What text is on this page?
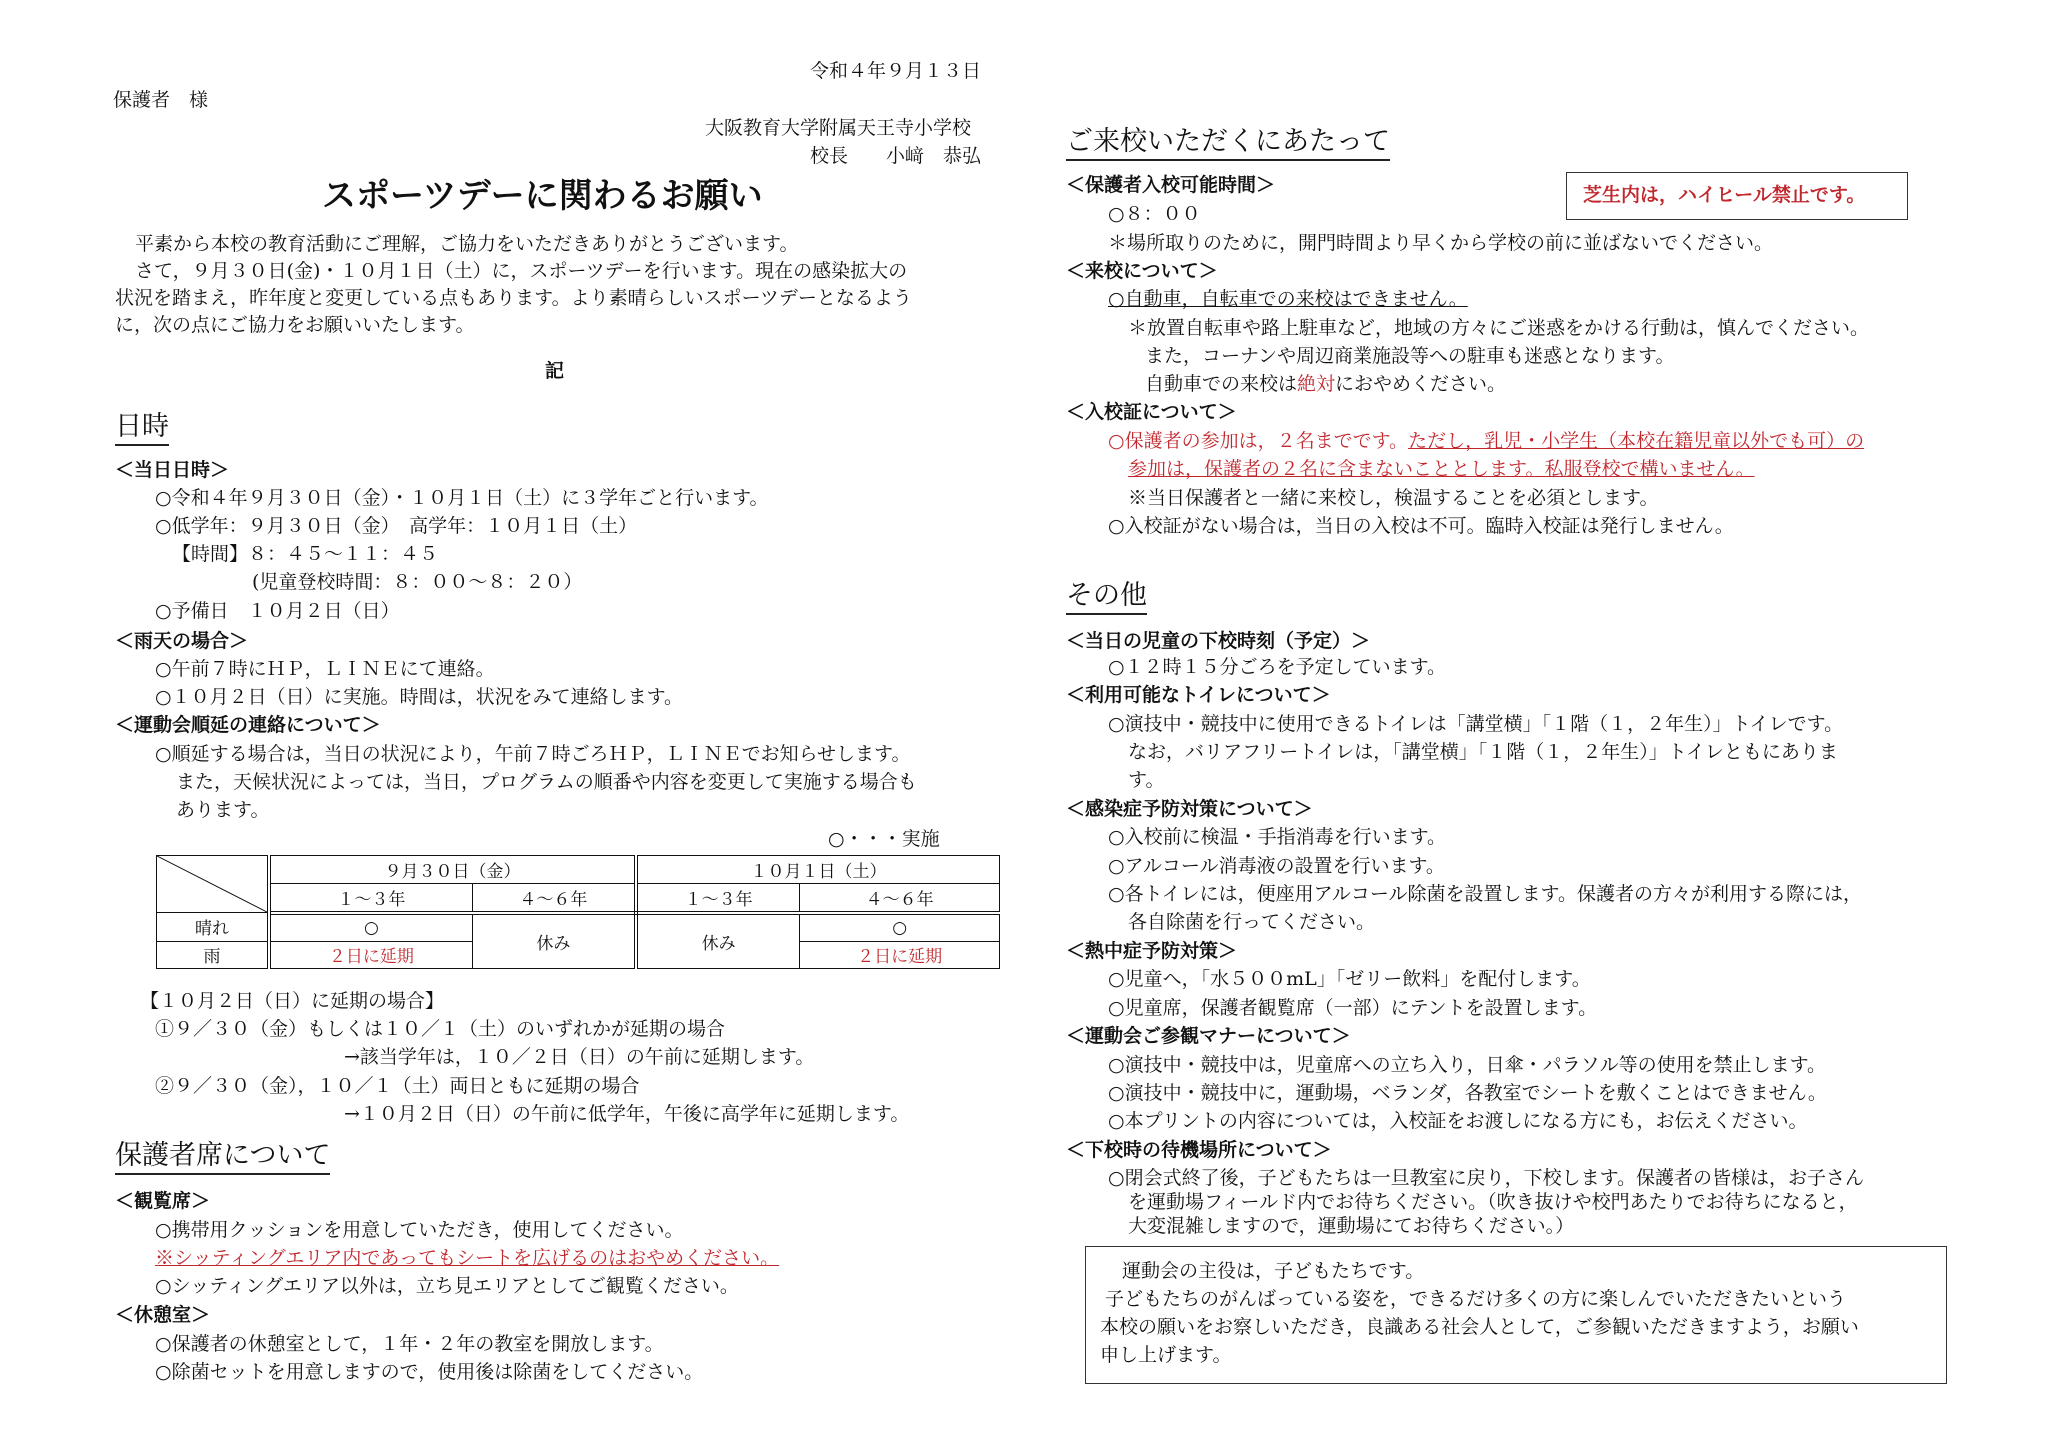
令和４年９月１３日
保護者　様
大阪教育大学附属天王寺小学校
校長　　小﨑　恭弘
スポーツデーに関わるお願い
平素から本校の教育活動にご理解，ご協力をいただきありがとうございます。
さて，９月３０日(金)・１０月１日（土）に，スポーツデーを行います。現在の感染拡大の
状況を踏まえ，昨年度と変更している点もあります。より素晴らしいスポーツデーとなるよう
に，次の点にご協力をお願いいたします。
記
日時
＜当日日時＞
○令和４年９月３０日（金）・１０月１日（土）に３学年ごと行います。
○低学年：９月３０日（金）　高学年：１０月１日（土）
【時間】８：４５～１１：４５
(児童登校時間：８：００～８：２０）
○予備日　１０月２日（日）
＜雨天の場合＞
○午前７時にＨＰ，ＬＩＮＥにて連絡。
○１０月２日（日）に実施。時間は，状況をみて連絡します。
＜運動会順延の連絡について＞
○順延する場合は，当日の状況により，午前７時ごろＨＰ，ＬＩＮＥでお知らせします。
また，天候状況によっては，当日，プログラムの順番や内容を変更して実施する場合も
あります。
○・・・実施
	９月３０日（金）		１０月１日（土）	
	１～３年	４～６年	１～３年	４～６年
晴れ	○	休み	休み	○
雨	２日に延期			２日に延期
【１０月２日（日）に延期の場合】
①９／３０（金）もしくは１０／１（土）のいずれかが延期の場合
→該当学年は，１０／２日（日）の午前に延期します。
②９／３０（金），１０／１（土）両日ともに延期の場合
→１０月２日（日）の午前に低学年，午後に高学年に延期します。
保護者席について
＜観覧席＞
○携帯用クッションを用意していただき，使用してください。
※シッティングエリア内であってもシートを広げるのはおやめください。
○シッティングエリア以外は，立ち見エリアとしてご観覧ください。
＜休憩室＞
○保護者の休憩室として，１年・２年の教室を開放します。
○除菌セットを用意しますので，使用後は除菌をしてください。
ご来校いただくにあたって
芝生内は，ハイヒール禁止です。
＜保護者入校可能時間＞
○８：００
＊場所取りのために，開門時間より早くから学校の前に並ばないでください。
＜来校について＞
○自動車，自転車での来校はできません。
＊放置自転車や路上駐車など，地域の方々にご迷惑をかける行動は，慎んでください。
また，コーナンや周辺商業施設等への駐車も迷惑となります。
自動車での来校は絶対におやめください。
＜入校証について＞
○保護者の参加は，２名までです。ただし，乳児・小学生（本校在籍児童以外でも可）の
参加は，保護者の２名に含まないこととします。私服登校で構いません。
※当日保護者と一緒に来校し，検温することを必須とします。
○入校証がない場合は，当日の入校は不可。臨時入校証は発行しません。
その他
＜当日の児童の下校時刻（予定）＞
○１２時１５分ごろを予定しています。
＜利用可能なトイレについて＞
○演技中・競技中に使用できるトイレは「講堂横」「１階（１，２年生）」トイレです。
なお，バリアフリートイレは，「講堂横」「１階（１，２年生）」トイレともにありま
す。
＜感染症予防対策について＞
○入校前に検温・手指消毒を行います。
○アルコール消毒液の設置を行います。
○各トイレには，便座用アルコール除菌を設置します。保護者の方々が利用する際には，
各自除菌を行ってください。
＜熱中症予防対策＞
○児童へ，「水５００mL」「ゼリー飲料」を配付します。
○児童席，保護者観覧席（一部）にテントを設置します。
＜運動会ご参観マナーについて＞
○演技中・競技中は，児童席への立ち入り，日傘・パラソル等の使用を禁止します。
○演技中・競技中に，運動場，ベランダ，各教室でシートを敷くことはできません。
○本プリントの内容については，入校証をお渡しになる方にも，お伝えください。
＜下校時の待機場所について＞
○閉会式終了後，子どもたちは一旦教室に戻り，下校します。保護者の皆様は，お子さん
を運動場フィールド内でお待ちください。（吹き抜けや校門あたりでお待ちになると，
大変混雑しますので，運動場にてお待ちください。）
運動会の主役は，子どもたちです。
子どもたちのがんばっている姿を，できるだけ多くの方に楽しんでいただきたいという
本校の願いをお察しいただき，良識ある社会人として，ご参観いただきますよう，お願い
申し上げます。
